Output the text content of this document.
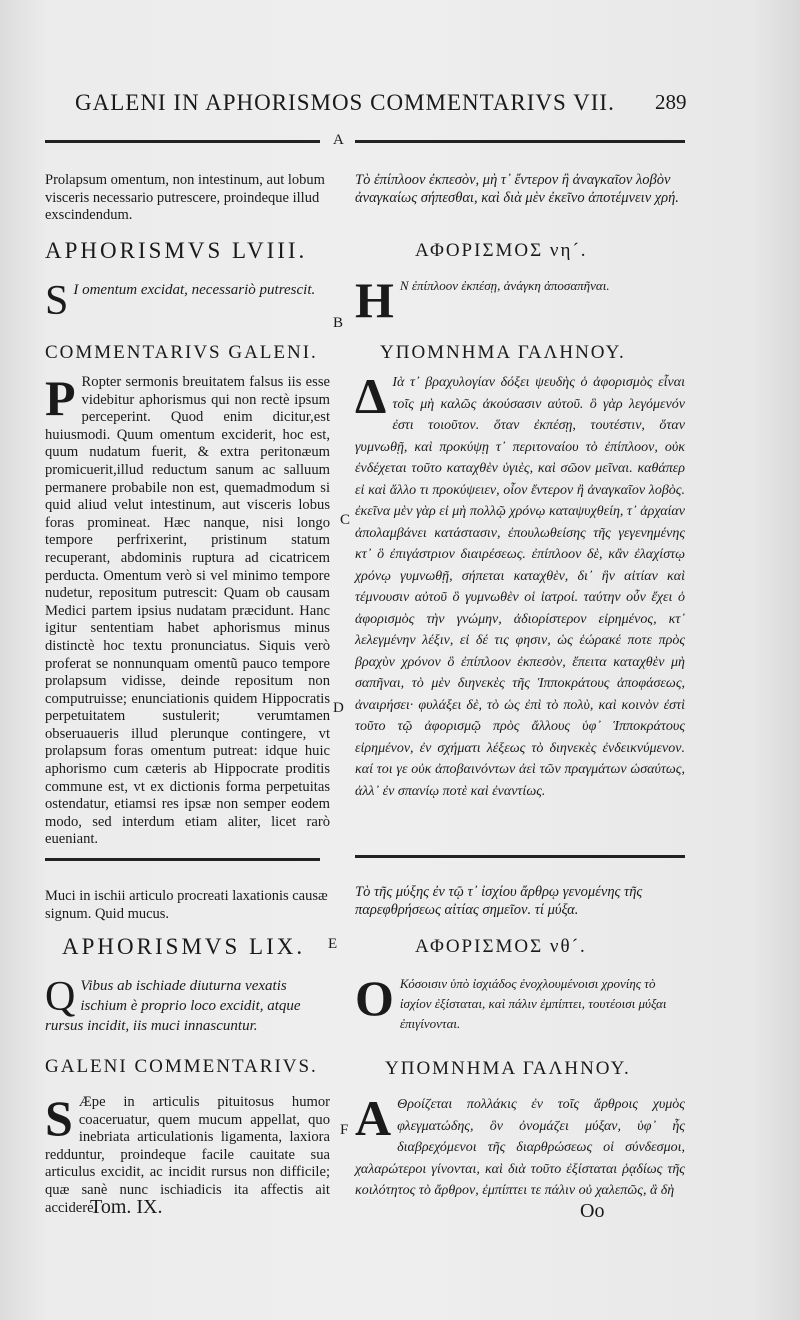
GALENI IN APHORISMOS COMMENTARIVS VII. 289
A
Prolapsum omentum, non intestinum, aut lobum visceris necessario putrescere, proindeque illud exscindendum.
Τὸ ἐπίπλοον ἐκπεσὸν, μὴ τ᾽ ἔντερον ἢ ἀναγκαῖον λοβὸν ἀναγκαίως σήπεσθαι, καὶ διὰ μὲν ἐκεῖνο ἀποτέμνειν χρή.
APHORISMVS LVIII.	ΑΦΟΡΙΣΜΟΣ νη´.
S I omentum excidat, necessariò putrescit.
B H Ν ἐπίπλοον ἐκπέσῃ, ἀνάγκη ἀποσαπῆναι.
COMMENTARIVS GALENI.	ΥΠΟΜΝΗΜΑ ΓΑΛΗΝΟΥ.
P Ropter sermonis breuitatem falsus iis esse videbitur aphorismus qui non rectè ipsum perceperint. Quod enim dicitur,est huiusmodi. Quum omentum exciderit, hoc est, quum nudatum fuerit, & extra peritonæum promicuerit,illud reductum sanum ac salluum permanere probabile non est, quemadmodum si quid aliud velut intestinum, aut visceris lobus foras promineat. Hæc nanque, nisi longo tempore perfrixerint, pristinum statum recuperant, abdominis ruptura ad cicatricem perducta. Omentum verò si vel minimo tempore nudetur, repositum putrescit: Quam ob causam Medici partem ipsius nudatam præcidunt. Hanc igitur sententiam habet aphorismus minus distinctè hoc textu pronunciatus. Siquis verò proferat se nonnunquam omentũ pauco tempore prolapsum vidisse, deinde repositum non computruisse; enunciationis quidem Hippocratis perpetuitatem sustulerit; verumtamen obseruaueris illud plerunque contingere, vt prolapsum foras omentum putreat: idque huic aphorismo cum cæteris ab Hippocrate proditis commune est, vt ex dictionis forma perpetuitas ostendatur, etiamsi res ipsæ non semper eodem modo, sed interdum etiam aliter, licet rarò eueniant.
Δ Ιὰ τ᾽ βραχυλογίαν δόξει ψευδὴς ὁ ἀφορισμὸς εἶναι τοῖς μὴ καλῶς ἀκούσασιν αὐτοῦ. ὃ γὰρ λεγόμενόν ἐστι τοιοῦτον. ὅταν ἐκπέσῃ, τουτέστιν, ὅταν γυμνωθῇ, καὶ προκύψῃ τ᾽ περιτοναίου τὸ ἐπίπλοον, οὐκ ἐνδέχεται τοῦτο καταχθὲν ὑγιὲς, καὶ σῶον μεῖναι. καθάπερ εἰ καὶ ἄλλο τι προκύψειεν, οἷον ἔντερον ἢ ἀναγκαῖον λοβὸς. ἐκεῖνα μὲν γὰρ εἰ μὴ πολλῷ χρόνῳ καταψυχθείη, τ᾽ ἀρχαίαν ἀπολαμβάνει κατάστασιν, ἐπουλωθείσης τῆς γεγενημένης κτ᾽ ὃ ἐπιγάστριον διαιρέσεως. ἐπίπλοον δὲ, κἂν ἐλαχίστῳ χρόνῳ γυμνωθῇ, σήπεται καταχθὲν, δι᾽ ἣν αἰτίαν καὶ τέμνουσιν αὐτοῦ ὃ γυμνωθὲν οἱ ἰατροί. ταύτην οὖν ἔχει ὁ ἀφορισμὸς τὴν γνώμην, ἀδιορίστερον εἰρημένος, κτ᾽ λελεγμένην λέξιν, εἰ δέ τις φησιν, ὡς ἑώρακέ ποτε πρὸς βραχὺν χρόνον ὃ ἐπίπλοον ἐκπεσὸν, ἔπειτα καταχθὲν μὴ σαπῆναι, τὸ μὲν διηνεκὲς τῆς Ἱπποκράτους ἀποφάσεως, ἀναιρήσει· φυλάξει δὲ, τὸ ὡς ἐπὶ τὸ πολὺ, καὶ κοινὸν ἐστὶ τοῦτο τῷ ἀφορισμῷ πρὸς ἄλλους ὑφ᾽ Ἱπποκράτους εἰρημένον, ἐν σχήματι λέξεως τὸ διηνεκὲς ἐνδεικνύμενον. καί τοι γε οὐκ ἀποβαινόντων ἀεὶ τῶν πραγμάτων ὡσαύτως, ἀλλ᾽ ἐν σπανίῳ ποτὲ καὶ ἐναντίως.
C
D
Muci in ischii articulo procreati laxationis causæ signum. Quid mucus.
Τὸ τῆς μύξης ἐν τῷ τ᾽ ἰσχίου ἄρθρῳ γενομένης τῆς παρεφθρήσεως αἰτίας σημεῖον. τί μύξα.
APHORISMVS LIX.	E	ΑΦΟΡΙΣΜΟΣ νθ´.
Q Vibus ab ischiade diuturna vexatis ischium è proprio loco excidit, atque rursus incidit, iis muci innascuntur.	O Κόσοισιν ὑπὸ ἰσχιάδος ἐνοχλουμένοισι χρονίης τὸ ἰσχίον ἐξίσταται, καὶ πάλιν ἐμπίπτει, τουτέοισι μύξαι ἐπιγίνονται.
GALENI COMMENTARIVS.	ΥΠΟΜΝΗΜΑ ΓΑΛΗΝΟΥ.
S Æpe in articulis pituitosus humor coaceruatur, quem mucum appellat, quo inebriata articulationis ligamenta, laxiora redduntur, proindeque facile cauitate sua articulus excidit, ac incidit rursus non difficile; quæ sanè nunc ischiadicis ita affectis ait accidere.
F A Θροίζεται πολλάκις ἐν τοῖς ἄρθροις χυμὸς φλεγματώδης, ὃν ὀνομάζει μύξαν, ὑφ᾽ ἧς διαβρεχόμενοι τῆς διαρθρώσεως οἱ σύνδεσμοι, χαλαρώτεροι γίνονται, καὶ διὰ τοῦτο ἐξίσταται ῥᾳδίως τῆς κοιλότητος τὸ ἄρθρον, ἐμπίπτει τε πάλιν οὐ χαλεπῶς, ἃ δὴ
Tom. IX.	Oo
